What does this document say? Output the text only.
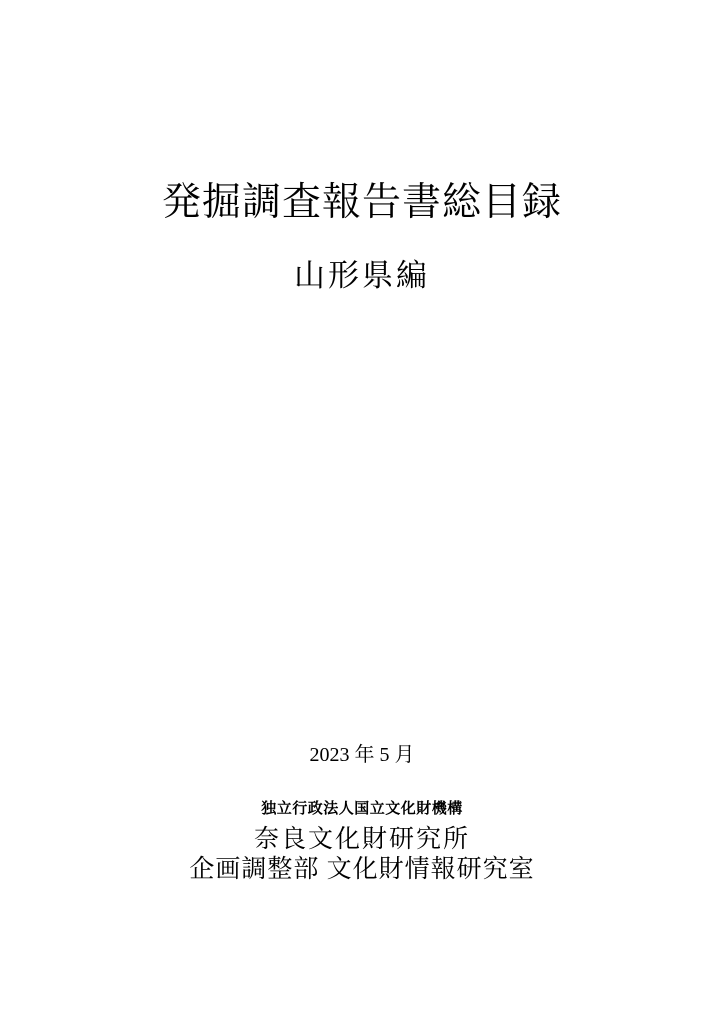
発掘調査報告書総目録
山形県編
2023 年 5 月
独立行政法人国立文化財機構
奈良文化財研究所
企画調整部 文化財情報研究室
